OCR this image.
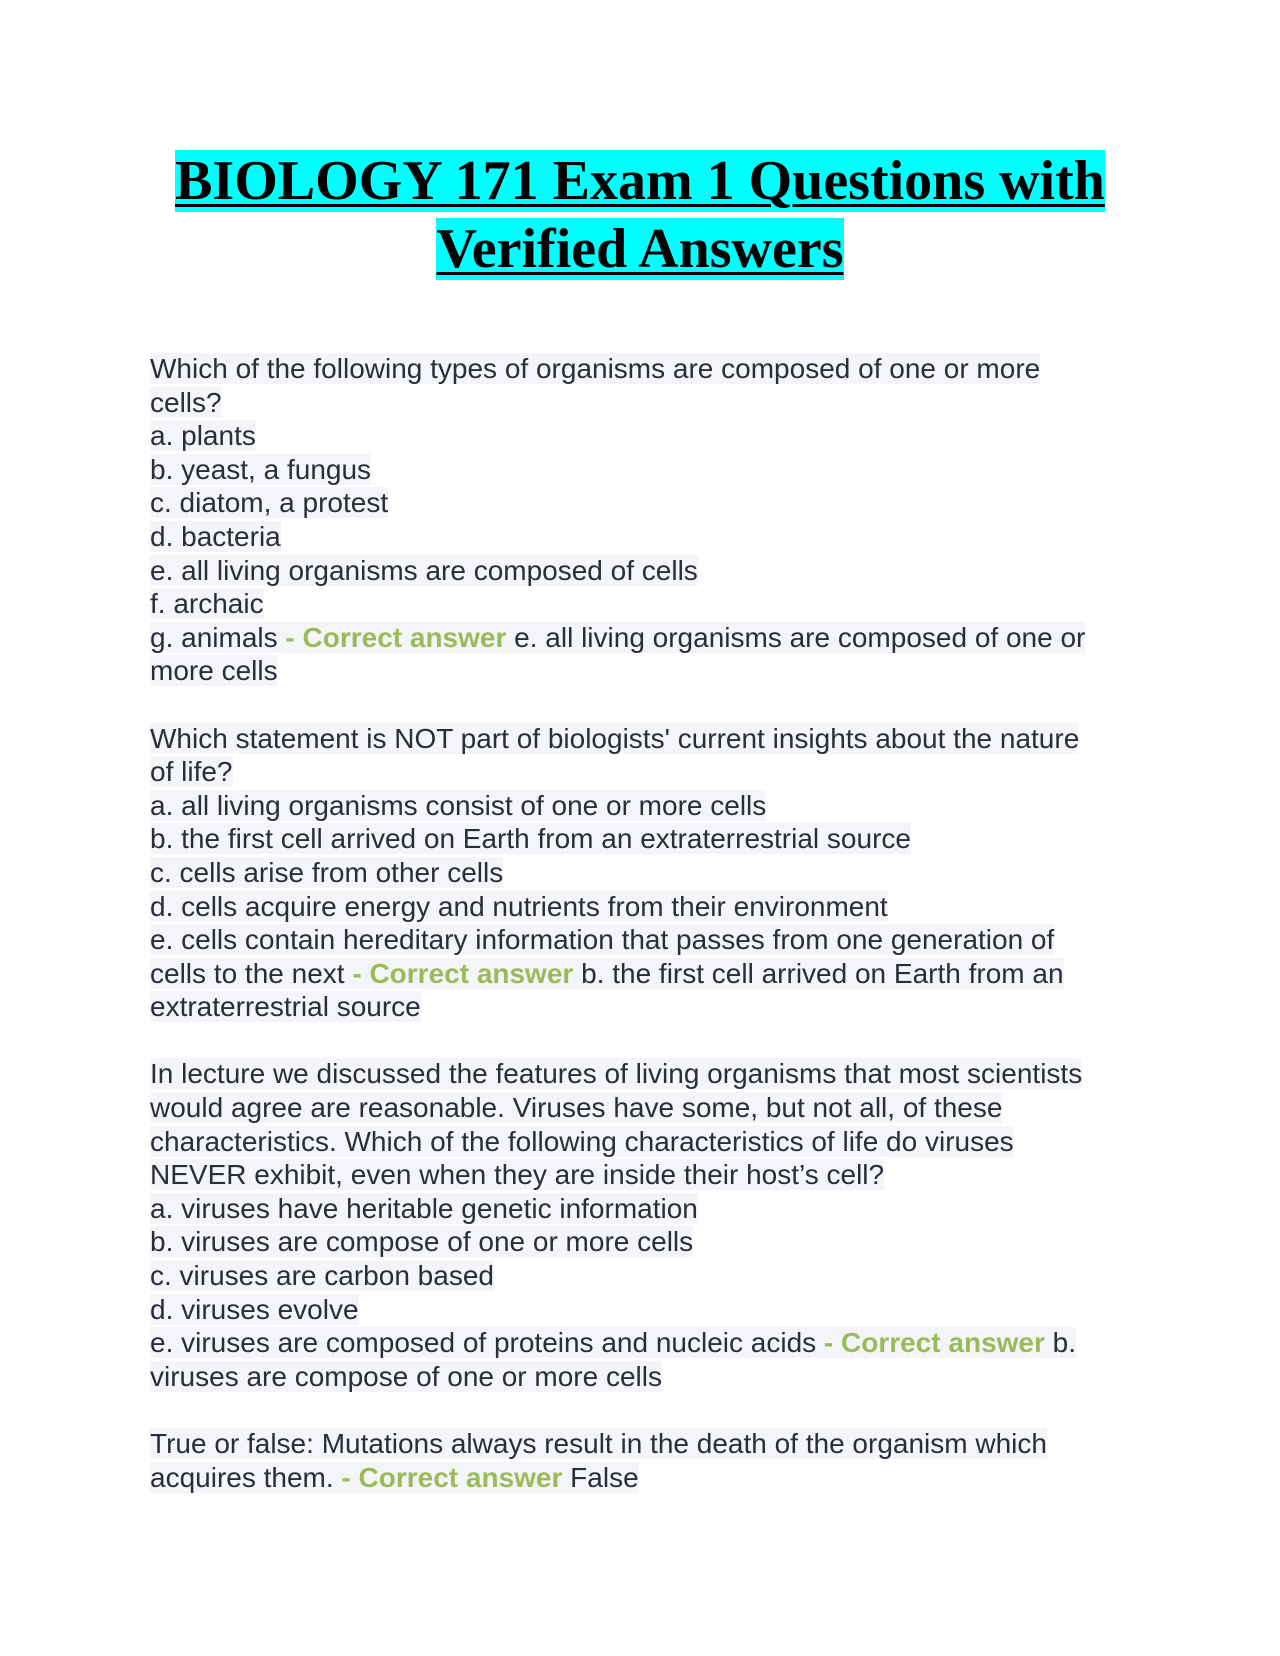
BIOLOGY 171 Exam 1 Questions with
Verified Answers
Which of the following types of organisms are composed of one or more
cells?
a. plants
b. yeast, a fungus
c. diatom, a protest
d. bacteria
e. all living organisms are composed of cells
f. archaic
g. animals - Correct answer e. all living organisms are composed of one or
more cells
Which statement is NOT part of biologists' current insights about the nature
of life?
a. all living organisms consist of one or more cells
b. the first cell arrived on Earth from an extraterrestrial source
c. cells arise from other cells
d. cells acquire energy and nutrients from their environment
e. cells contain hereditary information that passes from one generation of
cells to the next - Correct answer b. the first cell arrived on Earth from an
extraterrestrial source
In lecture we discussed the features of living organisms that most scientists
would agree are reasonable. Viruses have some, but not all, of these
characteristics. Which of the following characteristics of life do viruses
NEVER exhibit, even when they are inside their host’s cell?
a. viruses have heritable genetic information
b. viruses are compose of one or more cells
c. viruses are carbon based
d. viruses evolve
e. viruses are composed of proteins and nucleic acids - Correct answer b.
viruses are compose of one or more cells
True or false: Mutations always result in the death of the organism which
acquires them. - Correct answer False
